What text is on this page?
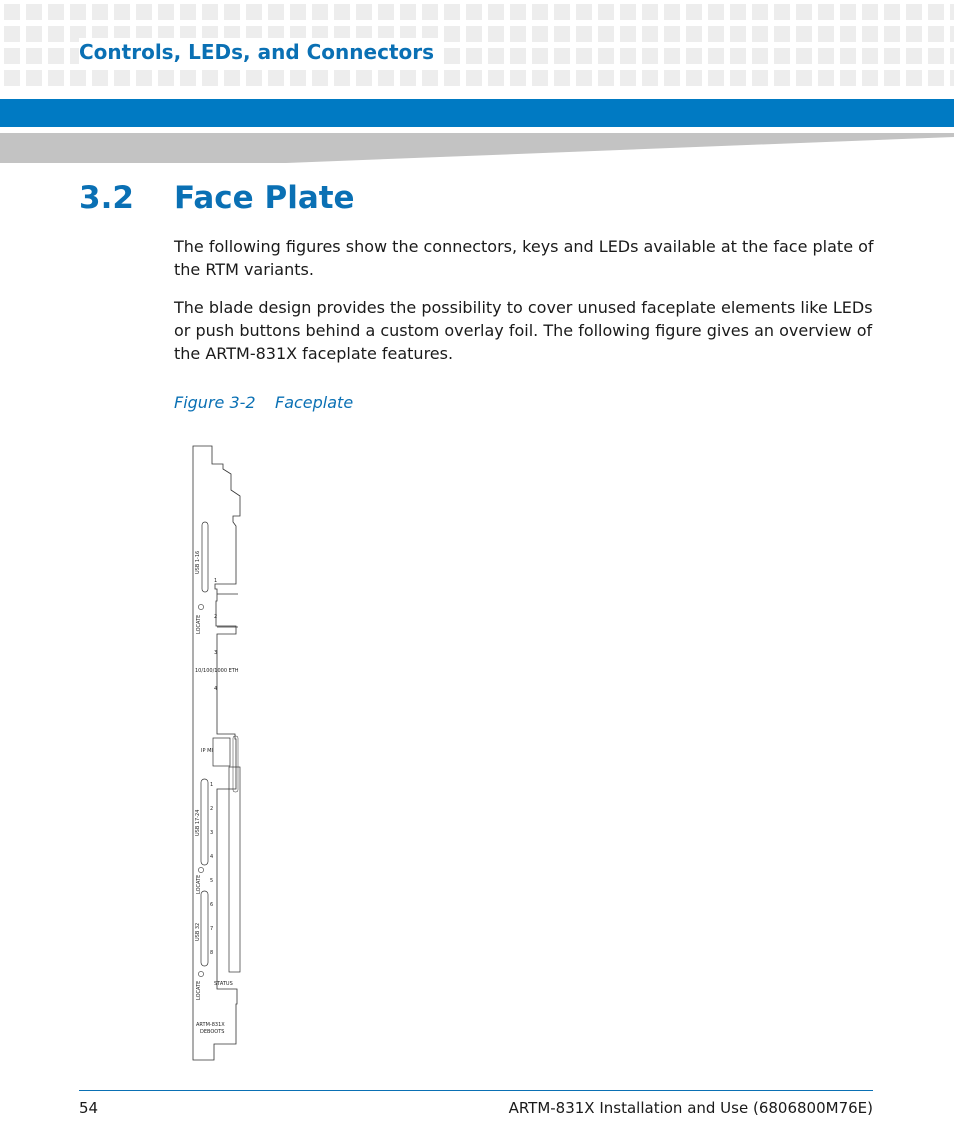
Controls, LEDs, and Connectors
3.2 Face Plate
The following figures show the connectors, keys and LEDs available at the face plate of the RTM variants.
The blade design provides the possibility to cover unused faceplate elements like LEDs or push buttons behind a custom overlay foil. The following figure gives an overview of the ARTM-831X faceplate features.
Figure 3-2 Faceplate
USB 1-16
LOCATE
10/100/1000 ETH
IP MI
USB 17-24
LOCATE
USB 32
LOCATE STATUS
ARTM-831X
DEBOOTS
1
2
3
4
1
2
3
4
5
6
7
8
54	ARTM-831X Installation and Use (6806800M76E)
